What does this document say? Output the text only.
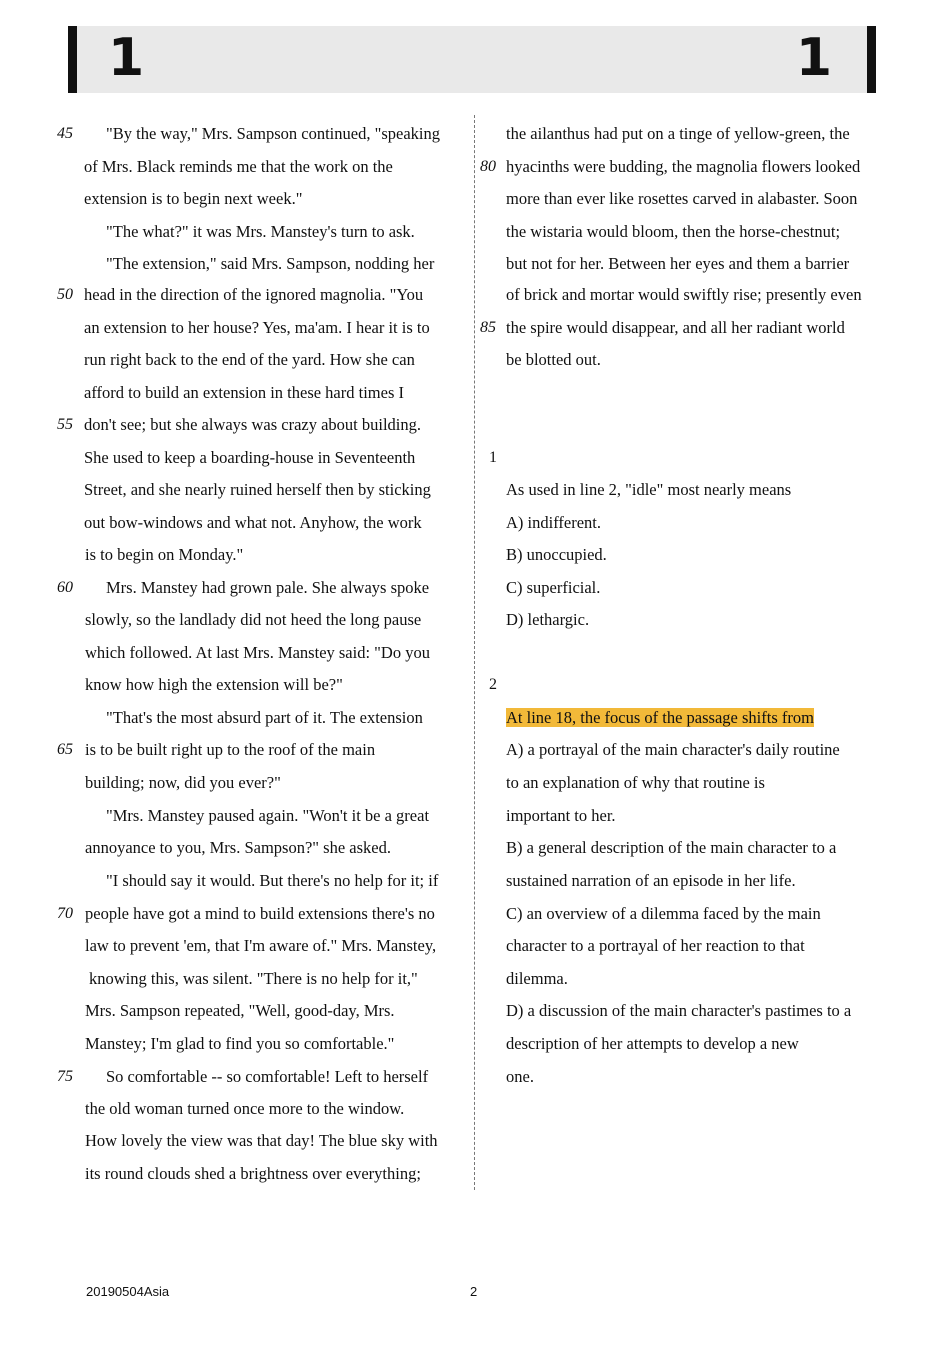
1	1
45
50
55
60
65
70
75
80
85
"By the way," Mrs. Sampson continued, "speaking
of Mrs. Black reminds me that the work on the
extension is to begin next week."
"The what?" it was Mrs. Manstey's turn to ask.
"The extension," said Mrs. Sampson, nodding her
head in the direction of the ignored magnolia. "You
an extension to her house? Yes, ma'am. I hear it is to
run right back to the end of the yard. How she can
afford to build an extension in these hard times I
don't see; but she always was crazy about building.
She used to keep a boarding-house in Seventeenth
Street, and she nearly ruined herself then by sticking
out bow-windows and what not. Anyhow, the work
is to begin on Monday."
Mrs. Manstey had grown pale. She always spoke
slowly, so the landlady did not heed the long pause
which followed. At last Mrs. Manstey said: "Do you
know how high the extension will be?"
"That's the most absurd part of it. The extension
is to be built right up to the roof of the main
building; now, did you ever?"
"Mrs. Manstey paused again. "Won't it be a great
annoyance to you, Mrs. Sampson?" she asked.
"I should say it would. But there's no help for it; if
people have got a mind to build extensions there's no
law to prevent 'em, that I'm aware of." Mrs. Manstey,
knowing this, was silent. "There is no help for it,"
Mrs. Sampson repeated, "Well, good-day, Mrs.
Manstey; I'm glad to find you so comfortable."
So comfortable -- so comfortable! Left to herself
the old woman turned once more to the window.
How lovely the view was that day! The blue sky with
its round clouds shed a brightness over everything;
the ailanthus had put on a tinge of yellow-green, the
hyacinths were budding, the magnolia flowers looked
more than ever like rosettes carved in alabaster. Soon
the wistaria would bloom, then the horse-chestnut;
but not for her. Between her eyes and them a barrier
of brick and mortar would swiftly rise; presently even
the spire would disappear, and all her radiant world
be blotted out.
1
As used in line 2, "idle" most nearly means
A) indifferent.
B) unoccupied.
C) superficial.
D) lethargic.
2
At line 18, the focus of the passage shifts from
A) a portrayal of the main character's daily routine
to an explanation of why that routine is
important to her.
B) a general description of the main character to a
sustained narration of an episode in her life.
C) an overview of a dilemma faced by the main
character to a portrayal of her reaction to that
dilemma.
D) a discussion of the main character's pastimes to a
description of her attempts to develop a new
one.
20190504Asia	2
